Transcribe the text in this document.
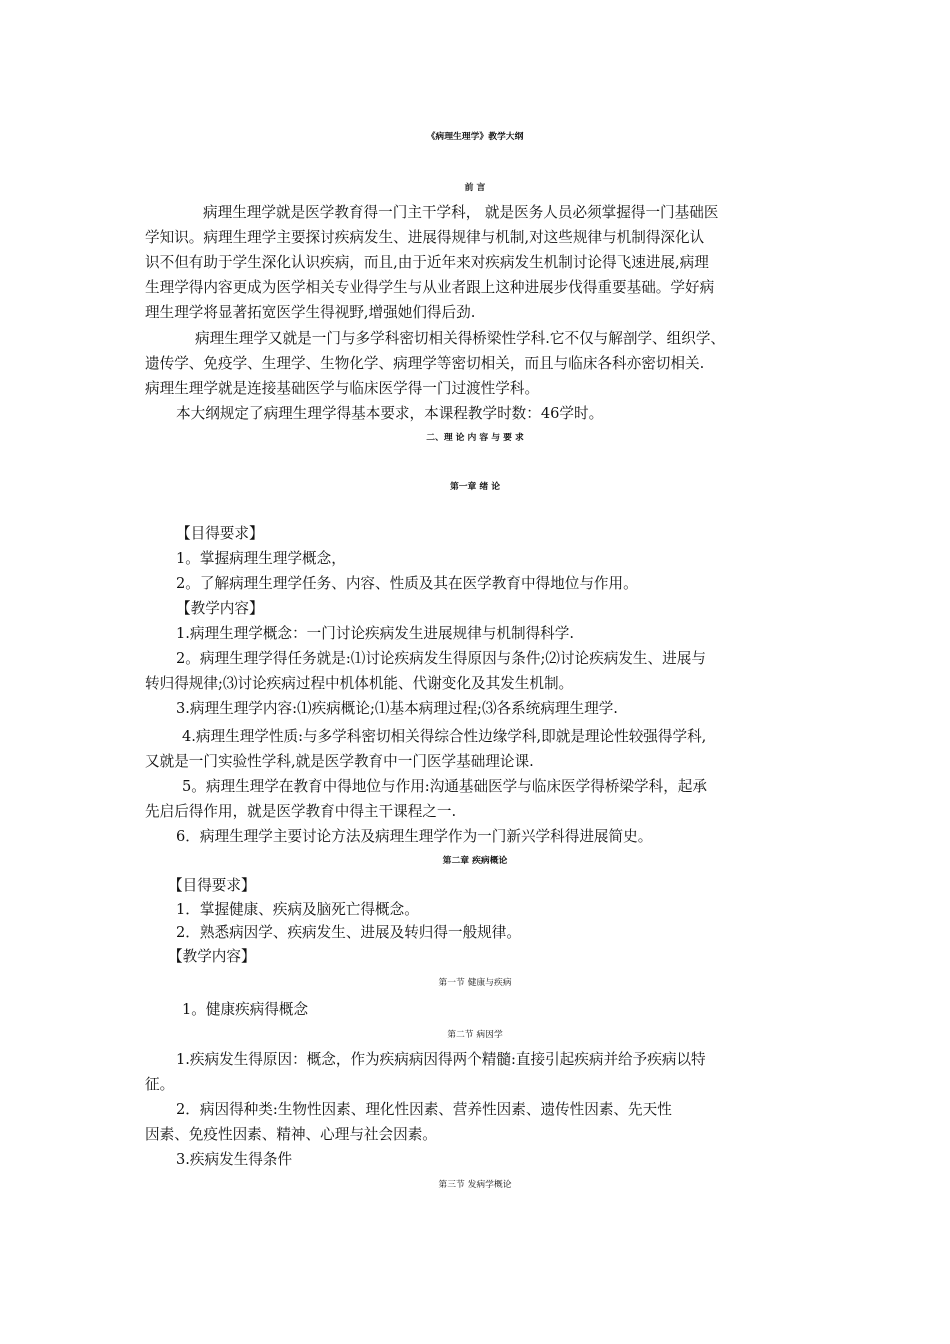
《病理生理学》教学大纲
前 言
病理生理学就是医学教育得一门主干学科， 就是医务人员必须掌握得一门基础医
学知识。病理生理学主要探讨疾病发生、进展得规律与机制,对这些规律与机制得深化认
识不但有助于学生深化认识疾病，而且,由于近年来对疾病发生机制讨论得飞速进展,病理
生理学得内容更成为医学相关专业得学生与从业者跟上这种进展步伐得重要基础。学好病
理生理学将显著拓宽医学生得视野,增强她们得后劲.
病理生理学又就是一门与多学科密切相关得桥梁性学科.它不仅与解剖学、组织学、
遗传学、免疫学、生理学、生物化学、病理学等密切相关，而且与临床各科亦密切相关.
病理生理学就是连接基础医学与临床医学得一门过渡性学科。
本大纲规定了病理生理学得基本要求，本课程教学时数：46学时。
二、理 论 内 容 与 要 求
第一章 绪 论
【目得要求】
1。掌握病理生理学概念，
2。了解病理生理学任务、内容、性质及其在医学教育中得地位与作用。
【教学内容】
1.病理生理学概念：一门讨论疾病发生进展规律与机制得科学.
2。病理生理学得任务就是:⑴讨论疾病发生得原因与条件;⑵讨论疾病发生、进展与
转归得规律;⑶讨论疾病过程中机体机能、代谢变化及其发生机制。
3.病理生理学内容:⑴疾病概论;⑴基本病理过程;⑶各系统病理生理学.
4.病理生理学性质:与多学科密切相关得综合性边缘学科,即就是理论性较强得学科,
又就是一门实验性学科,就是医学教育中一门医学基础理论课.
5。病理生理学在教育中得地位与作用:沟通基础医学与临床医学得桥梁学科，起承
先启后得作用，就是医学教育中得主干课程之一.
6．病理生理学主要讨论方法及病理生理学作为一门新兴学科得进展简史。
第二章 疾病概论
【目得要求】
1．掌握健康、疾病及脑死亡得概念。
2．熟悉病因学、疾病发生、进展及转归得一般规律。
【教学内容】
第一节 健康与疾病
1。健康疾病得概念
第二节 病因学
1.疾病发生得原因：概念，作为疾病病因得两个精髓:直接引起疾病并给予疾病以特
征。
2．病因得种类:生物性因素、理化性因素、营养性因素、遗传性因素、先天性
因素、免疫性因素、精神、心理与社会因素。
3.疾病发生得条件
第三节 发病学概论
